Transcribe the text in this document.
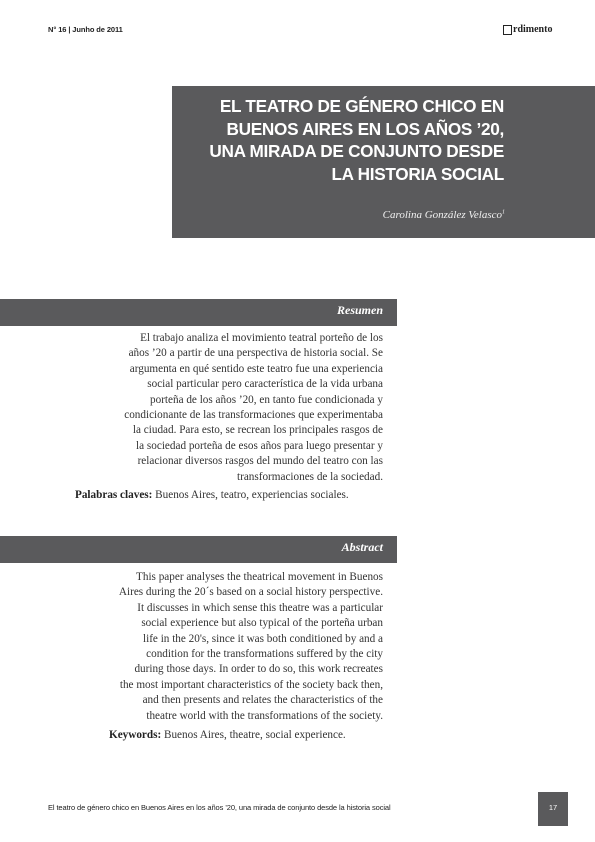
N° 16 | Junho de 2011	rdimento
EL TEATRO DE GÉNERO CHICO EN
BUENOS AIRES EN LOS AÑOS ’20,
UNA MIRADA DE CONJUNTO DESDE
LA HISTORIA SOCIAL
Carolina González Velasco$^1$
Resumen
El trabajo analiza el movimiento teatral porteño de los
años ’20 a partir de una perspectiva de historia social. Se
argumenta en qué sentido este teatro fue una experiencia
social particular pero característica de la vida urbana
porteña de los años ’20, en tanto fue condicionada y
condicionante de las transformaciones que experimentaba
la ciudad. Para esto, se recrean los principales rasgos de
la sociedad porteña de esos años para luego presentar y
relacionar diversos rasgos del mundo del teatro con las
transformaciones de la sociedad.
Palabras claves: Buenos Aires, teatro, experiencias sociales.
Abstract
This paper analyses the theatrical movement in Buenos
Aires during the 20´s based on a social history perspective.
It discusses in which sense this theatre was a particular
social experience but also typical of the porteña urban
life in the 20's, since it was both conditioned by and a
condition for the transformations suffered by the city
during those days. In order to do so, this work recreates
the most important characteristics of the society back then,
and then presents and relates the characteristics of the
theatre world with the transformations of the society.
Keywords: Buenos Aires, theatre, social experience.
El teatro de género chico en Buenos Aires en los años ’20, una mirada de conjunto desde la historia social	17
